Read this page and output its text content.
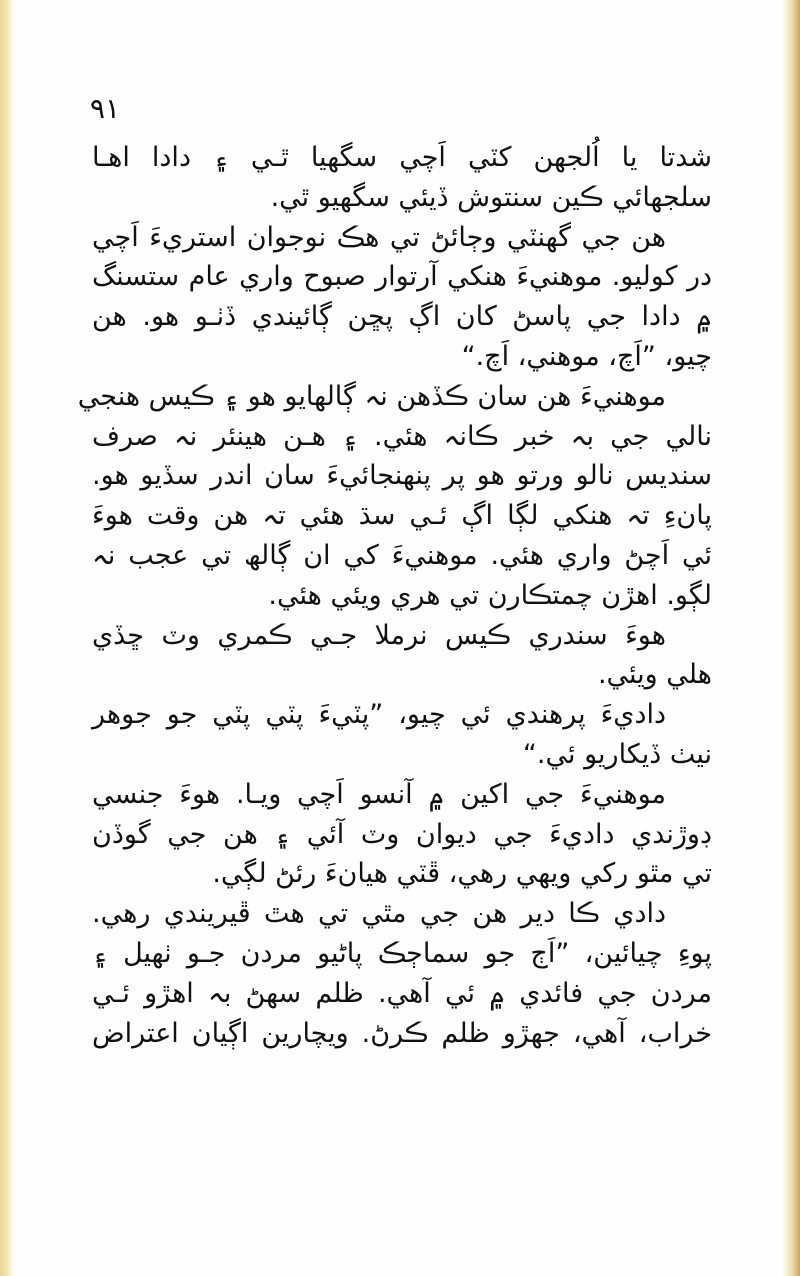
٩١
شدتا يا اُلجھن کٽي اَچي سگھيا ٿـي ۽ دادا اھـا
سلجھائي ڪين سنتوش ڏيئي سگھيو ٿي.
ھن جي گھنٽي وڄائڻ تي ھڪ نوجوان استريءَ اَچي
در کوليو. موھنيءَ ھنکي آرتوار صبوح واري عام ستسنگ
۾ دادا جي پاسڻ کان اڳ پڇن ڳائيندي ڏٺـو ھو. ھن
چيو، ”اَچ، موھني، اَچ.“
موھنيءَ ھن سان ڪڏھن نہ ڳالھايو ھو ۽ ڪيس ھنجي
نالي جي بہ خبر ڪانہ ھئي. ۽ ھـن ھينئر نہ صرف
سنديس نالو ورتو ھو پر پنھنجائيءَ سان اندر سڏيو ھو.
پانءِ تہ ھنکي لڳا اڳ ئـي سڌ ھئي تہ ھن وقت ھوءَ
ئي اَچڻ واري ھئي. موھنيءَ کي ان ڳالھ تي عجب نہ
لڳو. اھڙن چمتڪارن تي ھري ويئي ھئي.
ھوءَ سندري ڪيس نرملا جـي ڪمري وٽ ڇڏي
ھلي ويئي.
داديءَ پرھندي ئي چيو، ”پٽيءَ پٽي پٽي جو جوھر
نيٺ ڏيکاريو ئي.“
موھنيءَ جي اکين ۾ آنسو اَچي ويـا. ھوءَ جنسي
ڊوڙندي داديءَ جي ديوان وٽ آئي ۽ ھن جي گوڏن
تي مٿو رکي ويھي رھي، ڦٽي ھيانءَ رئڻ لڳي.
دادي ڪا دير ھن جي مٿي تي ھٿ ڦيريندي رھي.
پوءِ چيائين، ”اَڄ جو سماڄڪ پاڻيو مردن جـو ٺھيل ۽
مردن جي فائدي ۾ ئي آھي. ظلم سھڻ بہ اھڙو ئـي
خراب، آھي، جھڙو ظلم ڪرڻ. ويچارين اڳيان اعتراض
